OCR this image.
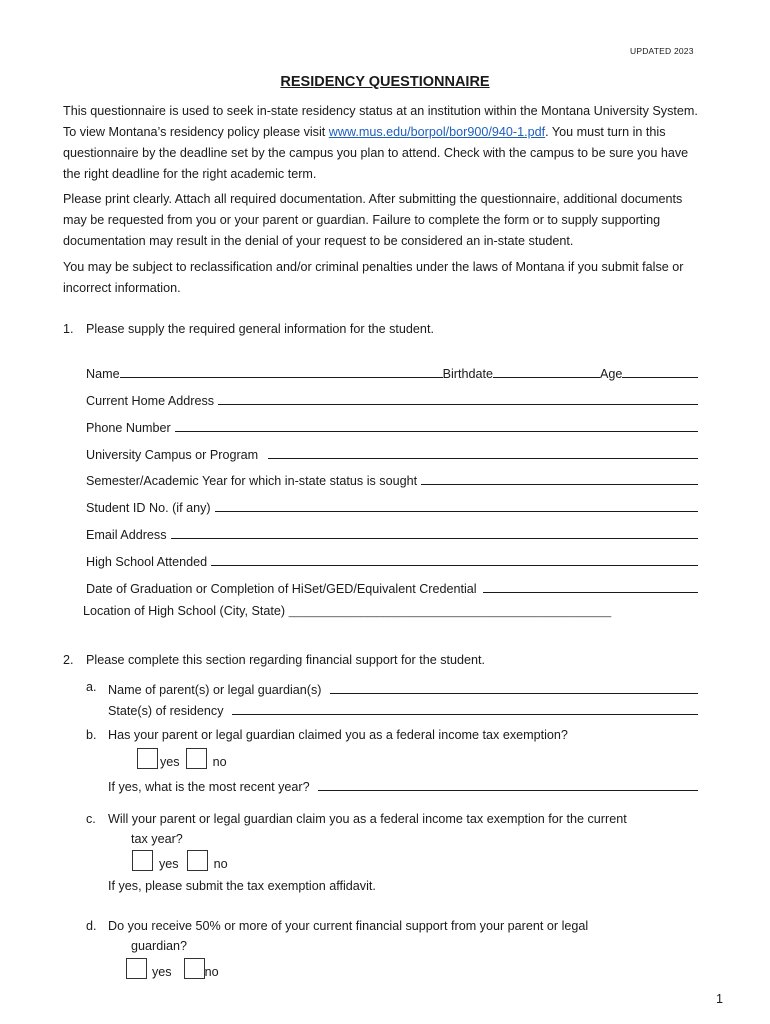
UPDATED 2023
RESIDENCY QUESTIONNAIRE
This questionnaire is used to seek in-state residency status at an institution within the Montana University System. To view Montana’s residency policy please visit www.mus.edu/borpol/bor900/940-1.pdf. You must turn in this questionnaire by the deadline set by the campus you plan to attend. Check with the campus to be sure you have the right deadline for the right academic term.
Please print clearly. Attach all required documentation. After submitting the questionnaire, additional documents may be requested from you or your parent or guardian. Failure to complete the form or to supply supporting documentation may result in the denial of your request to be considered an in-state student.
You may be subject to reclassification and/or criminal penalties under the laws of Montana if you submit false or incorrect information.
1. Please supply the required general information for the student.
Name	Birthdate	Age
Current Home Address
Phone Number
University Campus or Program
Semester/Academic Year for which in-state status is sought
Student ID No. (if any)
Email Address
High School Attended
Date of Graduation or Completion of HiSet/GED/Equivalent Credential
Location of High School (City, State) __________________________________________________________
2. Please complete this section regarding financial support for the student.
a. Name of parent(s) or legal guardian(s)
State(s) of residency
b. Has your parent or legal guardian claimed you as a federal income tax exemption?
yes	no
If yes, what is the most recent year?
c. Will your parent or legal guardian claim you as a federal income tax exemption for the current
tax year?
yes	no
If yes, please submit the tax exemption affidavit.
d. Do you receive 50% or more of your current financial support from your parent or legal
guardian?
yes	no
1
